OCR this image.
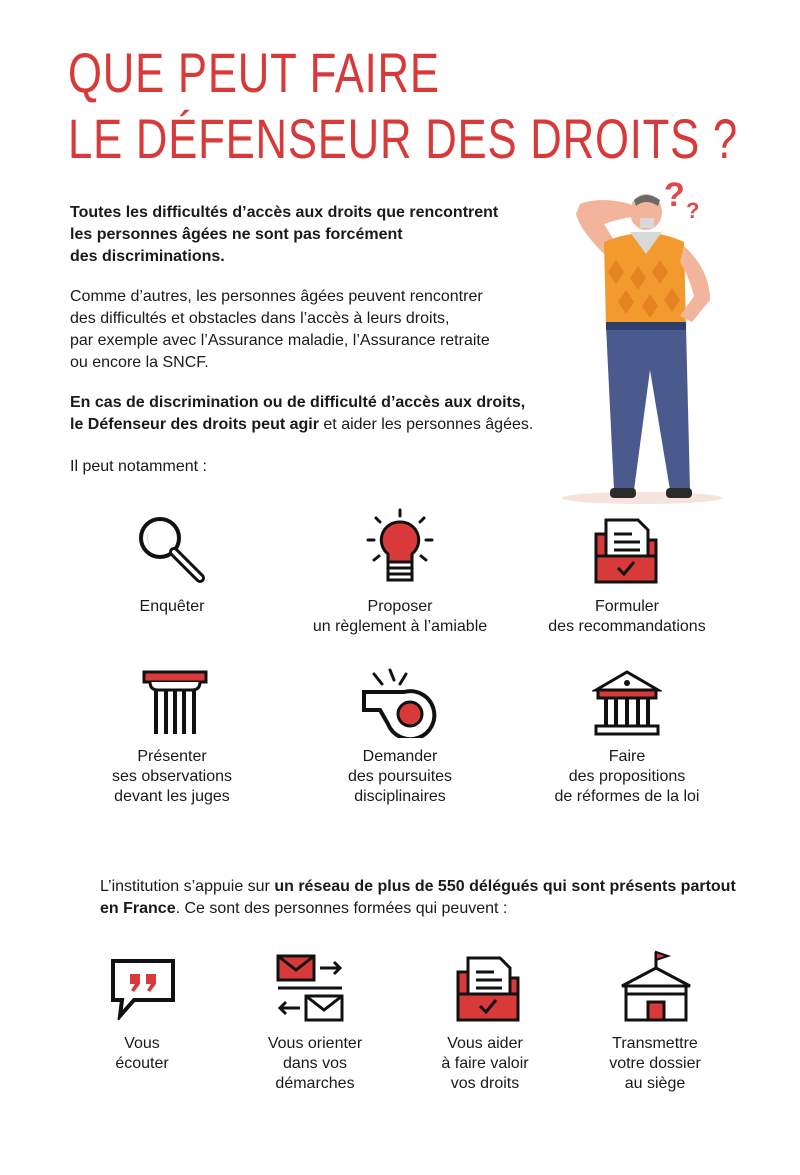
QUE PEUT FAIRE
LE DÉFENSEUR DES DROITS ?

Toutes les difficultés d’accès aux droits que rencontrent

les personnes âgées ne sont pas forcément

des discriminations.

Comme d’autres, les personnes âgées peuvent rencontrer

des difficultés et obstacles dans l’accès à leurs droits,

par exemple avec l’Assurance maladie, l’Assurance retraite

ou encore la SNCF.

En cas de discrimination ou de difficulté d’accès aux droits,

le Défenseur des droits peut agir et aider les personnes âgées.

Il peut notamment :
? ?
Enquêter	Proposer
un règlement à l’amiable
Formuler
des recommandations
Présenter
ses observations
devant les juges
Demander
des poursuites
disciplinaires
Faire
des propositions
de réformes de la loi

L’institution s’appuie sur un réseau de plus de 550 délégués qui sont présents partout en France. Ce sont des personnes formées qui peuvent :

Vous
écouter
Vous orienter
dans vos
démarches
Vous aider
à faire valoir
vos droits
Transmettre
votre dossier
au siège
